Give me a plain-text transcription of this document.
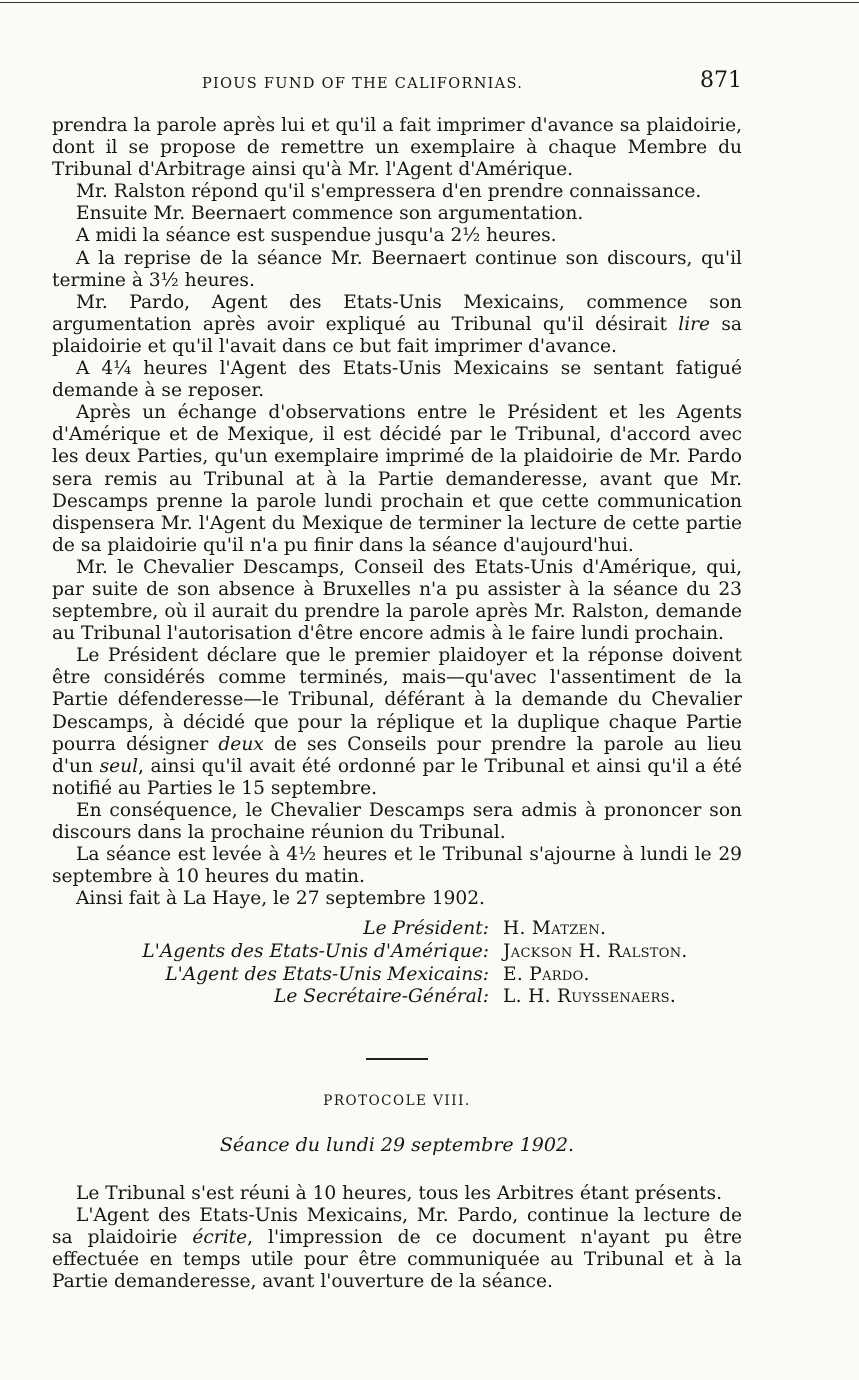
PIOUS FUND OF THE CALIFORNIAS.	871

prendra la parole après lui et qu'il a fait imprimer d'avance sa plaidoirie, dont il se propose de remettre un exemplaire à chaque Membre du Tribunal d'Arbitrage ainsi qu'à Mr. l'Agent d'Amérique.

Mr. Ralston répond qu'il s'empressera d'en prendre connaissance.

Ensuite Mr. Beernaert commence son argumentation.

A midi la séance est suspendue jusqu'a 2½ heures.

A la reprise de la séance Mr. Beernaert continue son discours, qu'il termine à 3½ heures.

Mr. Pardo, Agent des Etats-Unis Mexicains, commence son argumentation après avoir expliqué au Tribunal qu'il désirait lire sa plaidoirie et qu'il l'avait dans ce but fait imprimer d'avance.

A 4¼ heures l'Agent des Etats-Unis Mexicains se sentant fatigué demande à se reposer.

Après un échange d'observations entre le Président et les Agents d'Amérique et de Mexique, il est décidé par le Tribunal, d'accord avec les deux Parties, qu'un exemplaire imprimé de la plaidoirie de Mr. Pardo sera remis au Tribunal at à la Partie demanderesse, avant que Mr. Descamps prenne la parole lundi prochain et que cette communication dispensera Mr. l'Agent du Mexique de terminer la lecture de cette partie de sa plaidoirie qu'il n'a pu finir dans la séance d'aujourd'hui.

Mr. le Chevalier Descamps, Conseil des Etats-Unis d'Amérique, qui, par suite de son absence à Bruxelles n'a pu assister à la séance du 23 septembre, où il aurait du prendre la parole après Mr. Ralston, demande au Tribunal l'autorisation d'être encore admis à le faire lundi prochain.

Le Président déclare que le premier plaidoyer et la réponse doivent être considérés comme terminés, mais—qu'avec l'assentiment de la Partie défenderesse—le Tribunal, déférant à la demande du Chevalier Descamps, à décidé que pour la réplique et la duplique chaque Partie pourra désigner deux de ses Conseils pour prendre la parole au lieu d'un seul, ainsi qu'il avait été ordonné par le Tribunal et ainsi qu'il a été notifié au Parties le 15 septembre.

En conséquence, le Chevalier Descamps sera admis à prononcer son discours dans la prochaine réunion du Tribunal.

La séance est levée à 4½ heures et le Tribunal s'ajourne à lundi le 29 septembre à 10 heures du matin.

Ainsi fait à La Haye, le 27 septembre 1902.

Le Président: H. Matzen.
L'Agents des Etats-Unis d'Amérique: Jackson H. Ralston.
L'Agent des Etats-Unis Mexicains: E. Pardo.
Le Secrétaire-Général: L. H. Ruyssenaers.
PROTOCOLE VIII.
Séance du lundi 29 septembre 1902.

Le Tribunal s'est réuni à 10 heures, tous les Arbitres étant présents.

L'Agent des Etats-Unis Mexicains, Mr. Pardo, continue la lecture de sa plaidoirie écrite, l'impression de ce document n'ayant pu être effectuée en temps utile pour être communiquée au Tribunal et à la Partie demanderesse, avant l'ouverture de la séance.
